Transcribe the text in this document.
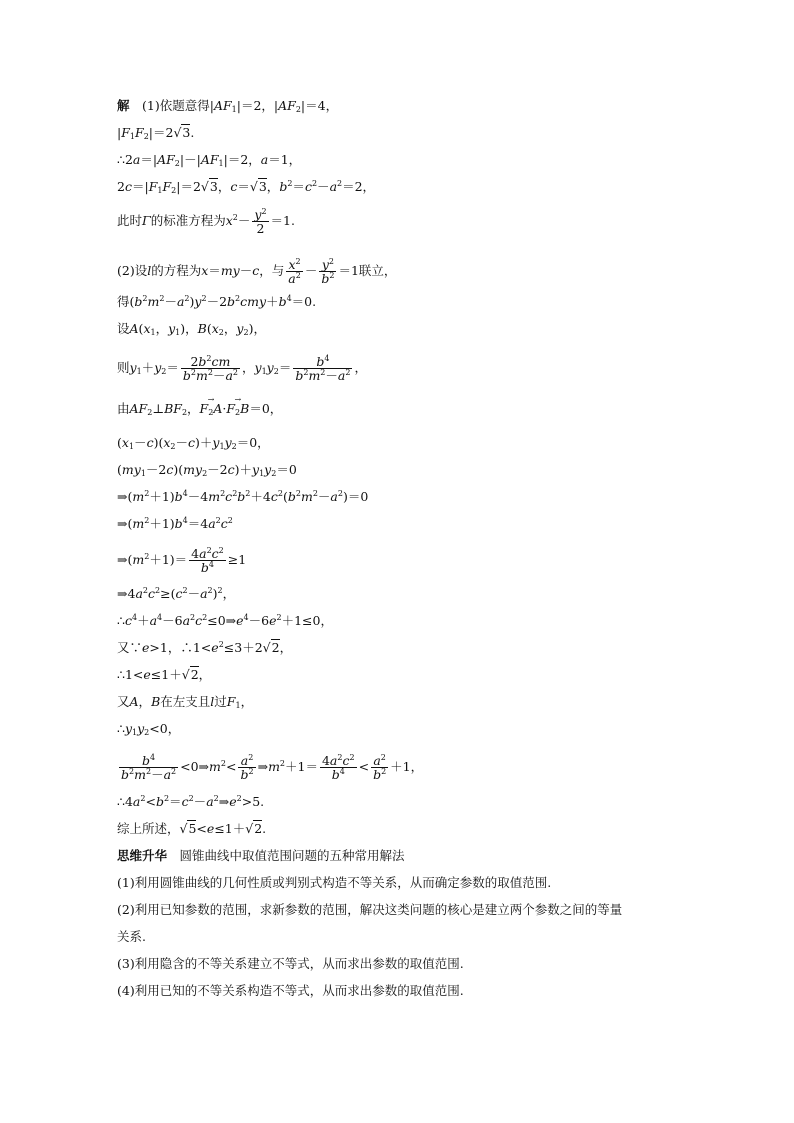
解　(1)依题意得$|AF_1|=2$，$|AF_2|=4$，
$|F_1F_2|=2√3$.
$\therefore 2a=|AF_2|-|AF_1|=2$，a＝1，
$2c=|F_1F_2|=2√3$，c＝√3，$b^2=c^2-a^2=2$，
此时Γ的标准方程为$x^2- \frac{y^2}{2} =1$.
(2)设l的方程为x＝my－c，与 $\frac{x^2}{a^2} - \frac{y^2}{b^2} =1$联立，
得$(b^2m^2-a^2)y^2-2b^2cmy+b^4=0$.
设$A(x_1$，$y_1$)，$B(x_2$，$y_2$)，
则$y_1+y_2= \frac{2b^2cm}{b^2m^2-a^2}$ ，$y_1y_2= \frac{b^4}{b^2m^2-a^2}$ ，
由$AF_2\perp BF_2$，→ $F_2A\cdot\to F_2B=0$，
$(x_1-c)(x_2-c)+y_1y_2=0$，
$(my_1-2c)(my_2-2c)+y_1y_2=0$
$\Rightarrow(m^2+1)b^4-4m^2c^2b^2+4c^2(b^2m^2-a^2)=0$
$\Rightarrow(m^2+1)b^4=4a^2c^2$
$\Rightarrow(m^2+1)= \frac{4a^2c^2}{b^4} \ge 1$
$\Rightarrow 4a^2c^2\ge(c^2-a^2)^2$，
$\therefore c^4+a^4-6a^2c^2\le 0\Rightarrow e^4-6e^2+1\le 0$，
又∵e>1，$\therefore 1<e^2\le 3+2√2$，
∴1<e≤1＋√2，
又A，B在左支且l过$F_1$，
$\therefore y_1y_2<0$，
$\frac{b^4}{b^2m^2-a^2}$ $<0\Rightarrow m^2< \frac{a^2}{b^2}$ $\Rightarrow m^2+1= \frac{4a^2c^2}{b^4} < \frac{a^2}{b^2} +1$，
$\therefore 4a^2<b^2=c^2-a^2\Rightarrow e^2>5$.
综上所述，√5<e≤1＋√2.
思维升华　 圆锥曲线中取值范围问题的五种常用解法
(1)利用圆锥曲线的几何性质或判别式构造不等关系，从而确定参数的取值范围.
(2)利用已知参数的范围，求新参数的范围，解决这类问题的核心是建立两个参数之间的等量
关系.
(3)利用隐含的不等关系建立不等式，从而求出参数的取值范围.
(4)利用已知的不等关系构造不等式，从而求出参数的取值范围.
